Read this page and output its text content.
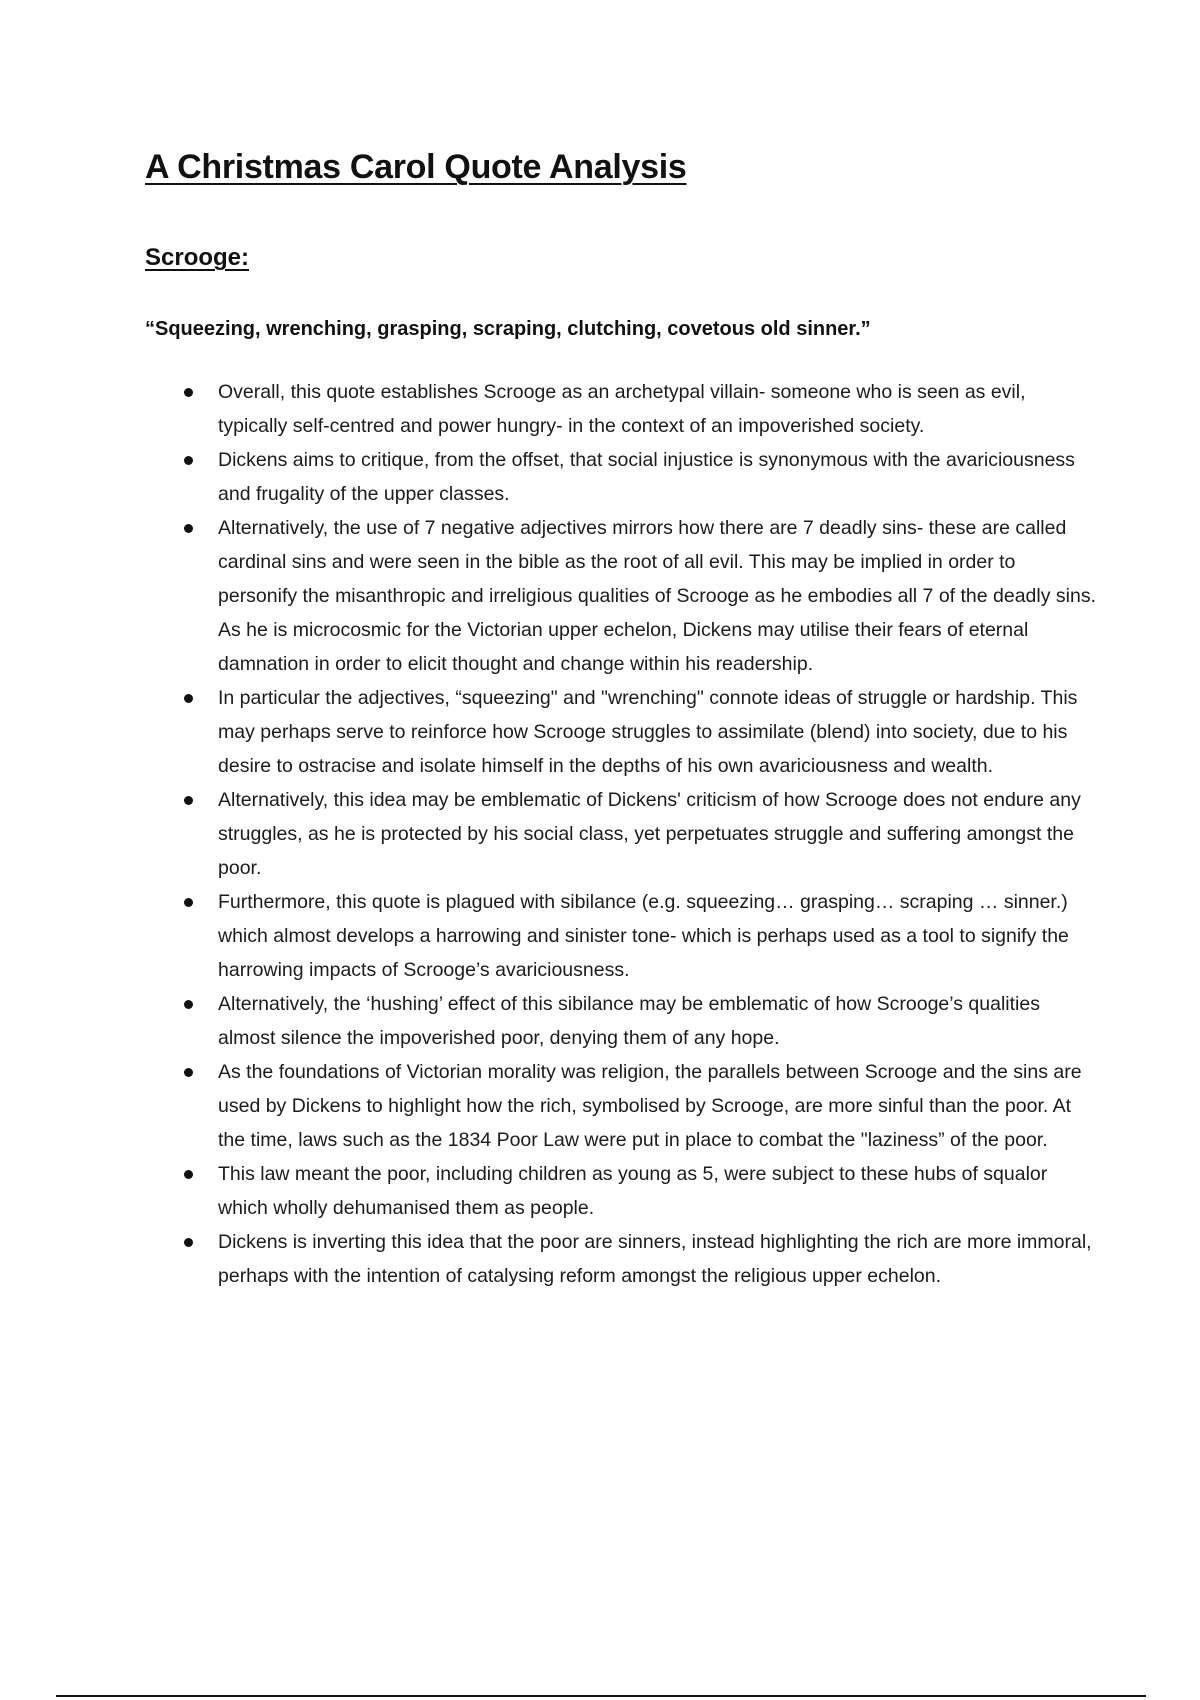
A Christmas Carol Quote Analysis
Scrooge:

“Squeezing, wrenching, grasping, scraping, clutching, covetous old sinner.”

Overall, this quote establishes Scrooge as an archetypal villain- someone who is seen as evil, typically self-centred and power hungry- in the context of an impoverished society.
Dickens aims to critique, from the offset, that social injustice is synonymous with the avariciousness and frugality of the upper classes.
Alternatively, the use of 7 negative adjectives mirrors how there are 7 deadly sins- these are called cardinal sins and were seen in the bible as the root of all evil. This may be implied in order to personify the misanthropic and irreligious qualities of Scrooge as he embodies all 7 of the deadly sins. As he is microcosmic for the Victorian upper echelon, Dickens may utilise their fears of eternal damnation in order to elicit thought and change within his readership.
In particular the adjectives, “squeezing" and "wrenching" connote ideas of struggle or hardship. This may perhaps serve to reinforce how Scrooge struggles to assimilate (blend) into society, due to his desire to ostracise and isolate himself in the depths of his own avariciousness and wealth.
Alternatively, this idea may be emblematic of Dickens' criticism of how Scrooge does not endure any struggles, as he is protected by his social class, yet perpetuates struggle and suffering amongst the poor.
Furthermore, this quote is plagued with sibilance (e.g. squeezing… grasping… scraping … sinner.) which almost develops a harrowing and sinister tone- which is perhaps used as a tool to signify the harrowing impacts of Scrooge’s avariciousness.
Alternatively, the ‘hushing’ effect of this sibilance may be emblematic of how Scrooge’s qualities almost silence the impoverished poor, denying them of any hope.
As the foundations of Victorian morality was religion, the parallels between Scrooge and the sins are used by Dickens to highlight how the rich, symbolised by Scrooge, are more sinful than the poor. At the time, laws such as the 1834 Poor Law were put in place to combat the "laziness” of the poor.
This law meant the poor, including children as young as 5, were subject to these hubs of squalor which wholly dehumanised them as people.
Dickens is inverting this idea that the poor are sinners, instead highlighting the rich are more immoral, perhaps with the intention of catalysing reform amongst the religious upper echelon.
